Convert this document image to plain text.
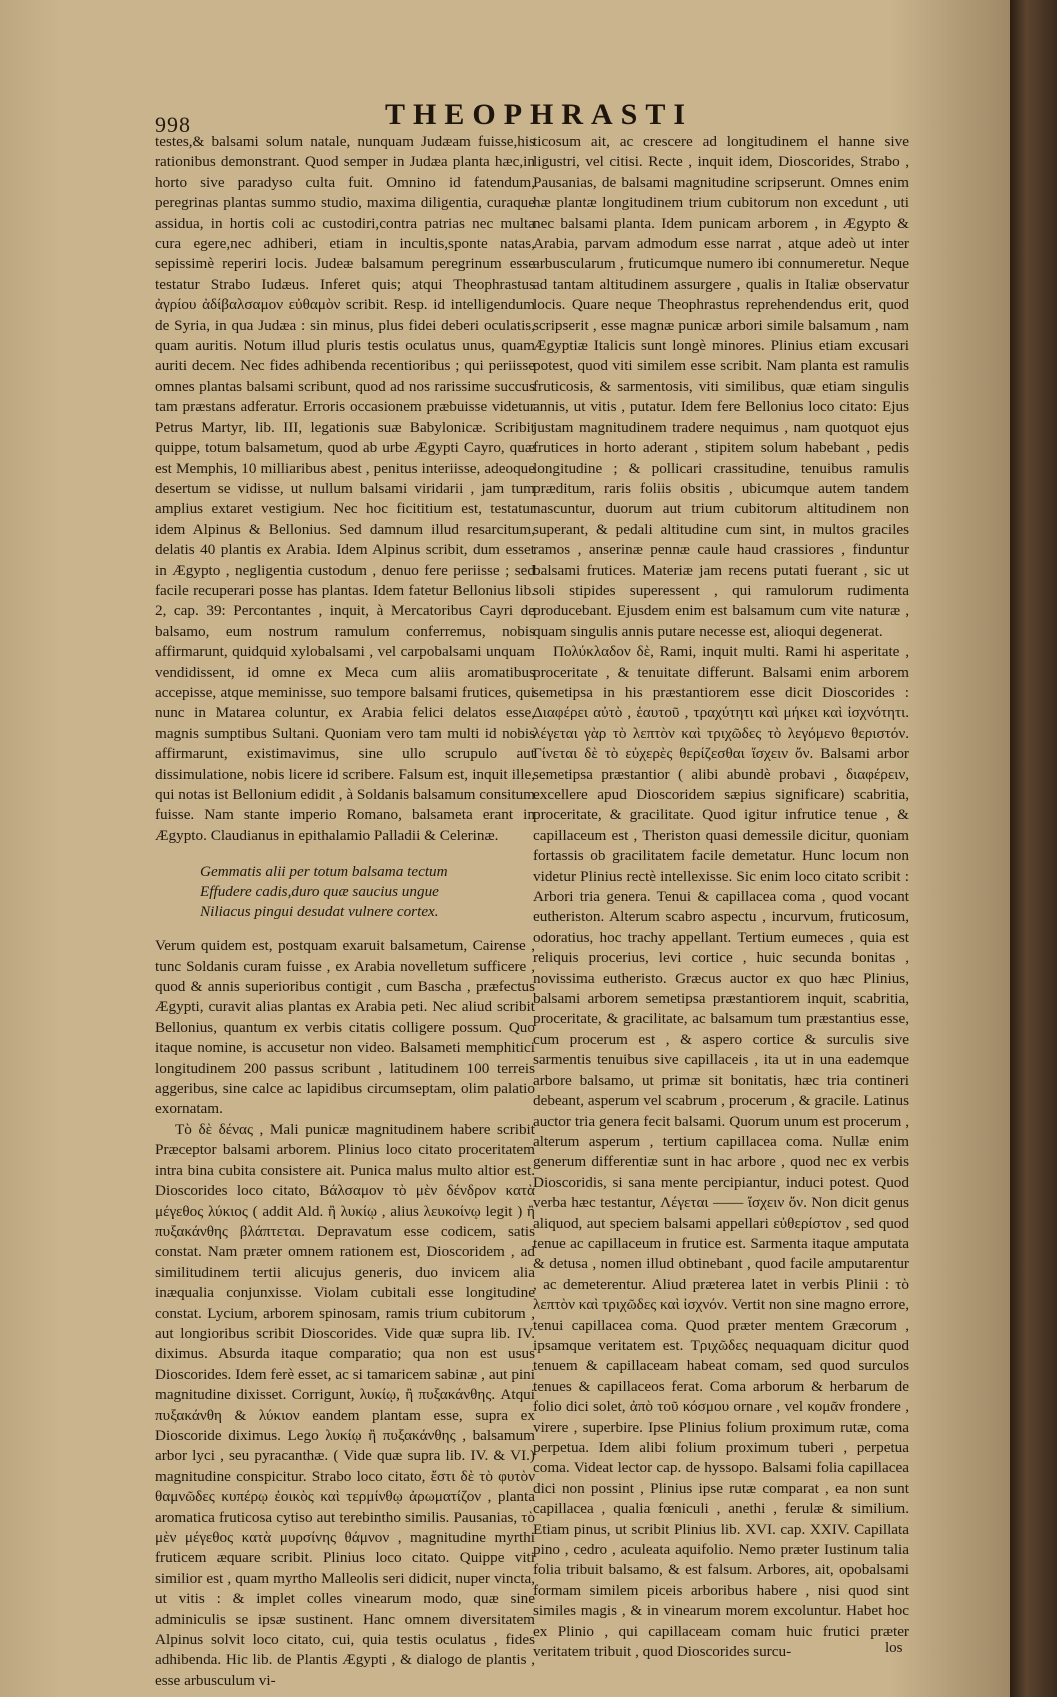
998	THEOPHRASTI

testes,& balsami solum natale, nunquam Judæam fuisse,his rationibus demonstrant. Quod semper in Judæa planta hæc,in horto sive paradyso culta fuit. Omnino id fatendum, peregrinas plantas summo studio, maxima diligentia, curaque assidua, in hortis coli ac custodiri,contra patrias nec multa cura egere,nec adhiberi, etiam in incultis,sponte natas, sepissimè reperiri locis. Judeæ balsamum peregrinum esse testatur Strabo Iudæus. Inferet quis; atqui Theophrastus ἀγρίου ἀδίβαλσαμον εὐθαμὸν scribit. Resp. id intelligendum de Syria, in qua Judæa : sin minus, plus fidei deberi oculatis, quam auritis. Notum illud pluris testis oculatus unus, quam auriti decem. Nec fides adhibenda recentioribus ; qui periisse omnes plantas balsami scribunt, quod ad nos rarissime succus tam præstans adferatur. Erroris occasionem præbuisse videtur Petrus Martyr, lib. III, legationis suæ Babylonicæ. Scribit quippe, totum balsametum, quod ab urbe Ægypti Cayro, quæ est Memphis, 10 milliaribus abest , penitus interiisse, adeoque desertum se vidisse, ut nullum balsami viridarii , jam tum amplius extaret vestigium. Nec hoc ficititium est, testatur idem Alpinus & Bellonius. Sed damnum illud resarcitum, delatis 40 plantis ex Arabia. Idem Alpinus scribit, dum esset in Ægypto , negligentia custodum , denuo fere periisse ; sed facile recuperari posse has plantas. Idem fatetur Bellonius lib. 2, cap. 39: Percontantes , inquit, à Mercatoribus Cayri de balsamo, eum nostrum ramulum conferremus, nobis affirmarunt, quidquid xylobalsami , vel carpobalsami unquam vendidissent, id omne ex Meca cum aliis aromatibus accepisse, atque meminisse, suo tempore balsami frutices, qui nunc in Matarea coluntur, ex Arabia felici delatos esse, magnis sumptibus Sultani. Quoniam vero tam multi id nobis affirmarunt, existimavimus, sine ullo scrupulo aut dissimulatione, nobis licere id scribere. Falsum est, inquit ille, qui notas ist Bellonium edidit , à Soldanis balsamum consitum fuisse. Nam stante imperio Romano, balsameta erant in Ægypto. Claudianus in epithalamio Palladii & Celerinæ.

Gemmatis alii per totum balsama tectum
Effudere cadis,duro quæ saucius ungue
Niliacus pingui desudat vulnere cortex.

Verum quidem est, postquam exaruit balsametum, Cairense , tunc Soldanis curam fuisse , ex Arabia novelletum sufficere , quod & annis superioribus contigit , cum Bascha , præfectus Ægypti, curavit alias plantas ex Arabia peti. Nec aliud scribit Bellonius, quantum ex verbis citatis colligere possum. Quo itaque nomine, is accusetur non video. Balsameti memphitici longitudinem 200 passus scribunt , latitudinem 100 terreis aggeribus, sine calce ac lapidibus circumseptam, olim palatio exornatam.

Τὸ δὲ δένας , Mali punicæ magnitudinem habere scribit Præceptor balsami arborem. Plinius loco citato proceritatem intra bina cubita consistere ait. Punica malus multo altior est. Dioscorides loco citato, Βάλσαμον τὸ μὲν δένδρον κατὰ μέγεθος λύκιος ( addit Ald. ἢ λυκίῳ , alius λευκοίνῳ legit ) ἢ πυξακάνθης βλάπτεται. Depravatum esse codicem, satis constat. Nam præter omnem rationem est, Dioscoridem , ad similitudinem tertii alicujus generis, duo invicem alia inæqualia conjunxisse. Violam cubitali esse longitudine constat. Lycium, arborem spinosam, ramis trium cubitorum , aut longioribus scribit Dioscorides. Vide quæ supra lib. IV. diximus. Absurda itaque comparatio; qua non est usus Dioscorides. Idem ferè esset, ac si tamaricem sabinæ , aut pini magnitudine dixisset. Corrigunt, λυκίῳ, ἢ πυξακάνθης. Atqui πυξακάνθη & λύκιον eandem plantam esse, supra ex Dioscoride diximus. Lego λυκίῳ ἢ πυξακάνθης , balsamum arbor lyci , seu pyracanthæ. ( Vide quæ supra lib. IV. & VI.) magnitudine conspicitur. Strabo loco citato, ἔστι δὲ τὸ φυτὸν θαμνῶδες κυπέρῳ ἐοικὸς καὶ τερμίνθῳ ἀρωματίζον , planta aromatica fruticosa cytiso aut terebintho similis. Pausanias, τὸ μὲν μέγεθος κατὰ μυρσίνης θάμνον , magnitudine myrthi fruticem æquare scribit. Plinius loco citato. Quippe viti similior est , quam myrtho Malleolis seri didicit, nuper vincta, ut vitis : & implet colles vinearum modo, quæ sine adminiculis se ipsæ sustinent. Hanc omnem diversitatem Alpinus solvit loco citato, cui, quia testis oculatus , fides adhibenda. Hic lib. de Plantis Ægypti , & dialogo de plantis , esse arbusculum vi-

ticosum ait, ac crescere ad longitudinem el hanne sive ligustri, vel citisi. Recte , inquit idem, Dioscorides, Strabo , Pausanias, de balsami magnitudine scripserunt. Omnes enim hæ plantæ longitudinem trium cubitorum non excedunt , uti nec balsami planta. Idem punicam arborem , in Ægypto & Arabia, parvam admodum esse narrat , atque adeò ut inter arbuscularum , fruticumque numero ibi connumeretur. Neque ad tantam altitudinem assurgere , qualis in Italiæ observatur locis. Quare neque Theophrastus reprehendendus erit, quod scripserit , esse magnæ punicæ arbori simile balsamum , nam Ægyptiæ Italicis sunt longè minores. Plinius etiam excusari potest, quod viti similem esse scribit. Nam planta est ramulis fruticosis, & sarmentosis, viti similibus, quæ etiam singulis annis, ut vitis , putatur. Idem fere Bellonius loco citato: Ejus justam magnitudinem tradere nequimus , nam quotquot ejus frutices in horto aderant , stipitem solum habebant , pedis longitudine ; & pollicari crassitudine, tenuibus ramulis præditum, raris foliis obsitis , ubicumque autem tandem nascuntur, duorum aut trium cubitorum altitudinem non superant, & pedali altitudine cum sint, in multos graciles ramos , anserinæ pennæ caule haud crassiores , finduntur balsami frutices. Materiæ jam recens putati fuerant , sic ut soli stipides superessent , qui ramulorum rudimenta producebant. Ejusdem enim est balsamum cum vite naturæ , quam singulis annis putare necesse est, alioqui degenerat.

Πολύκλαδον δὲ, Rami, inquit multi. Rami hi asperitate , proceritate , & tenuitate differunt. Balsami enim arborem semetipsa in his præstantiorem esse dicit Dioscorides : Διαφέρει αὐτὸ , ἑαυτοῦ , τραχύτητι καὶ μήκει καὶ ἰσχνότητι. λέγεται γὰρ τὸ λεπτὸν καὶ τριχῶδες τὸ λεγόμενο θεριστόν. Γίνεται δὲ τὸ εὐχερὲς θερίζεσθαι ἴσχειν ὄν. Balsami arbor semetipsa præstantior ( alibi abundè probavi , διαφέρειν, excellere apud Dioscoridem sæpius significare) scabritia, proceritate, & gracilitate. Quod igitur infrutice tenue , & capillaceum est , Theriston quasi demessile dicitur, quoniam fortassis ob gracilitatem facile demetatur. Hunc locum non videtur Plinius rectè intellexisse. Sic enim loco citato scribit : Arbori tria genera. Tenui & capillacea coma , quod vocant eutheriston. Alterum scabro aspectu , incurvum, fruticosum, odoratius, hoc trachy appellant. Tertium eumeces , quia est reliquis procerius, levi cortice , huic secunda bonitas , novissima eutheristo. Græcus auctor ex quo hæc Plinius, balsami arborem semetipsa præstantiorem inquit, scabritia, proceritate, & gracilitate, ac balsamum tum præstantius esse, cum procerum est , & aspero cortice & surculis sive sarmentis tenuibus sive capillaceis , ita ut in una eademque arbore balsamo, ut primæ sit bonitatis, hæc tria contineri debeant, asperum vel scabrum , procerum , & gracile. Latinus auctor tria genera fecit balsami. Quorum unum est procerum , alterum asperum , tertium capillacea coma. Nullæ enim generum differentiæ sunt in hac arbore , quod nec ex verbis Dioscoridis, si sana mente percipiantur, induci potest. Quod verba hæc testantur, Λέγεται ―― ἴσχειν ὄν. Non dicit genus aliquod, aut speciem balsami appellari εὐθερίστον , sed quod tenue ac capillaceum in frutice est. Sarmenta itaque amputata & detusa , nomen illud obtinebant , quod facile amputarentur , ac demeterentur. Aliud præterea latet in verbis Plinii : τὸ λεπτὸν καὶ τριχῶδες καὶ ἰσχνόν. Vertit non sine magno errore, tenui capillacea coma. Quod præter mentem Græcorum , ipsamque veritatem est. Τριχῶδες nequaquam dicitur quod tenuem & capillaceam habeat comam, sed quod surculos tenues & capillaceos ferat. Coma arborum & herbarum de folio dici solet, ἀπὸ τοῦ κόσμου ornare , vel κομᾶν frondere , virere , superbire. Ipse Plinius folium proximum rutæ, coma perpetua. Idem alibi folium proximum tuberi , perpetua coma. Videat lector cap. de hyssopo. Balsami folia capillacea dici non possint , Plinius ipse rutæ comparat , ea non sunt capillacea , qualia fœniculi , anethi , ferulæ & similium. Etiam pinus, ut scribit Plinius lib. XVI. cap. XXIV. Capillata pino , cedro , aculeata aquifolio. Nemo præter Iustinum talia folia tribuit balsamo, & est falsum. Arbores, ait, opobalsami formam similem piceis arboribus habere , nisi quod sint similes magis , & in vinearum morem excoluntur. Habet hoc ex Plinio , qui capillaceam comam huic frutici præter veritatem tribuit , quod Dioscorides surcu-	los
